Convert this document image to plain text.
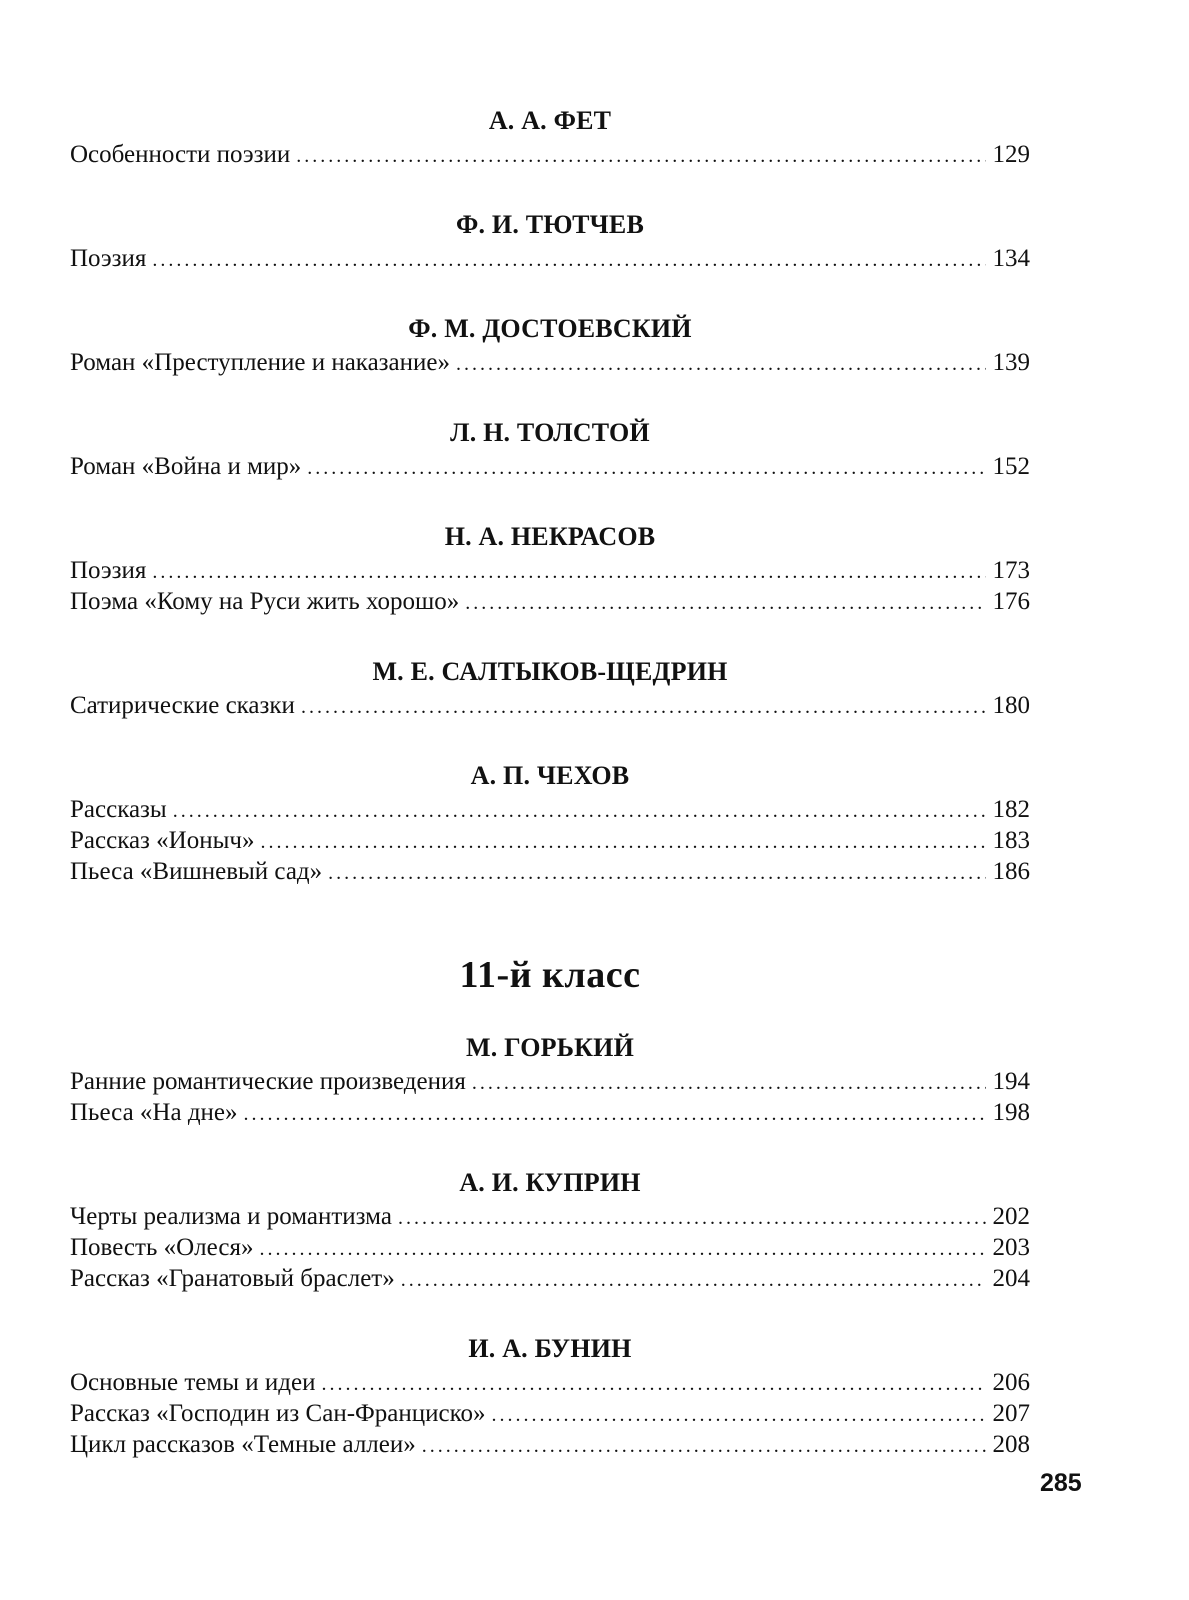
А. А. ФЕТ
Особенности поэзии .....	129
Ф. И. ТЮТЧЕВ
Поэзия .....	134
Ф. М. ДОСТОЕВСКИЙ
Роман «Преступление и наказание» .....	139
Л. Н. ТОЛСТОЙ
Роман «Война и мир» .....	152
Н. А. НЕКРАСОВ
Поэзия .....	173
Поэма «Кому на Руси жить хорошо» .....	176
М. Е. САЛТЫКОВ-ЩЕДРИН
Сатирические сказки .....	180
А. П. ЧЕХОВ
Рассказы .....	182
Рассказ «Ионыч» .....	183
Пьеса «Вишневый сад» .....	186
11-й класс
М. ГОРЬКИЙ
Ранние романтические произведения .....	194
Пьеса «На дне» .....	198
А. И. КУПРИН
Черты реализма и романтизма .....	202
Повесть «Олеся» .....	203
Рассказ «Гранатовый браслет» .....	204
И. А. БУНИН
Основные темы и идеи .....	206
Рассказ «Господин из Сан-Франциско» .....	207
Цикл рассказов «Темные аллеи» .....	208
285
